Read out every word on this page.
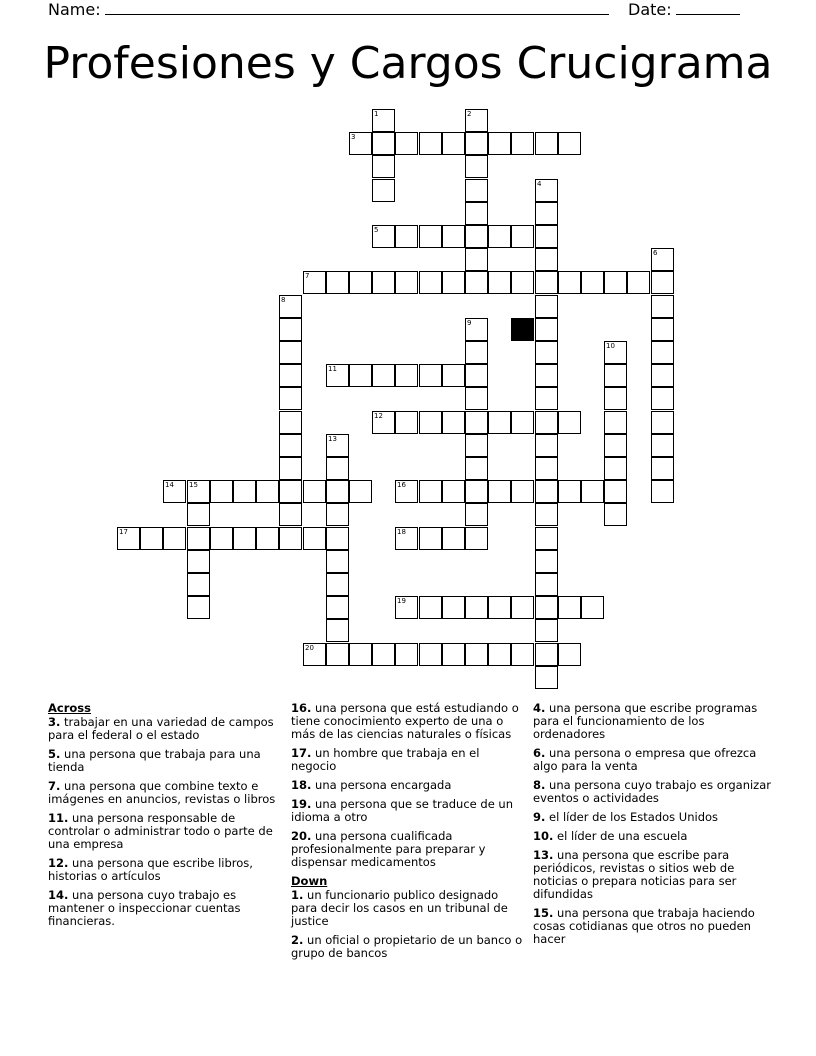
Name:	Date:
Profesiones y Cargos Crucigrama
3
5
7
11
12
14 15	16
17	18
19
20
1	2
4
6
8
9
10
13
Across
3. trabajar en una variedad de campos para el federal o el estado
5. una persona que trabaja para una tienda
7. una persona que combine texto e imágenes en anuncios, revistas o libros
11. una persona responsable de controlar o administrar todo o parte de una empresa
12. una persona que escribe libros, historias o artículos
14. una persona cuyo trabajo es mantener o inspeccionar cuentas financieras.
16. una persona que está estudiando o tiene conocimiento experto de una o más de las ciencias naturales o físicas
17. un hombre que trabaja en el negocio
18. una persona encargada
19. una persona que se traduce de un idioma a otro
20. una persona cualificada profesionalmente para preparar y dispensar medicamentos
Down
1. un funcionario publico designado para decir los casos en un tribunal de justice
2. un oficial o propietario de un banco o grupo de bancos
4. una persona que escribe programas para el funcionamiento de los ordenadores
6. una persona o empresa que ofrezca algo para la venta
8. una persona cuyo trabajo es organizar eventos o actividades
9. el líder de los Estados Unidos
10. el líder de una escuela
13. una persona que escribe para periódicos, revistas o sitios web de noticias o prepara noticias para ser difundidas
15. una persona que trabaja haciendo cosas cotidianas que otros no pueden hacer
